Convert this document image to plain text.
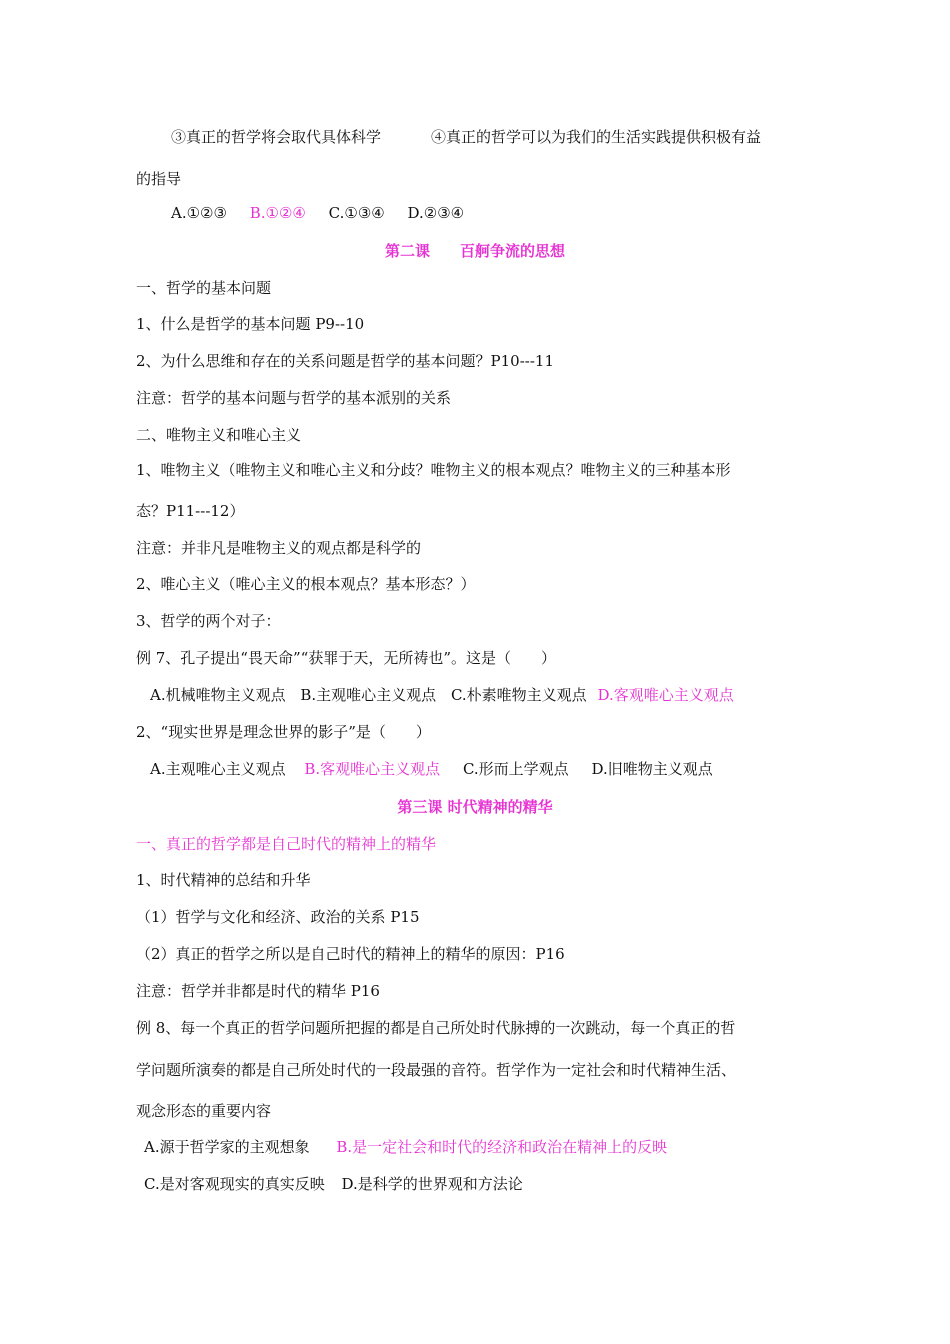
③真正的哲学将会取代具体科学	④真正的哲学可以为我们的生活实践提供积极有益
的指导
A.①②③ B.①②④ C.①③④ D.②③④
第二课　　百舸争流的思想
一、哲学的基本问题
1、什么是哲学的基本问题 P9--10
2、为什么思维和存在的关系问题是哲学的基本问题？P10---11
注意：哲学的基本问题与哲学的基本派别的关系
二、唯物主义和唯心主义
1、唯物主义（唯物主义和唯心主义和分歧？唯物主义的根本观点？唯物主义的三种基本形
态？P11---12）
注意：并非凡是唯物主义的观点都是科学的
2、唯心主义（唯心主义的根本观点？基本形态？）
3、哲学的两个对子：
例 7、孔子提出“畏天命”“获罪于天，无所祷也”。这是（　　）
A.机械唯物主义观点 B.主观唯心主义观点 C.朴素唯物主义观点 D.客观唯心主义观点
2、“现实世界是理念世界的影子”是（　　）
A.主观唯心主义观点 B.客观唯心主义观点 C.形而上学观点 D.旧唯物主义观点
第三课 时代精神的精华
一、真正的哲学都是自己时代的精神上的精华
1、时代精神的总结和升华
（1）哲学与文化和经济、政治的关系 P15
（2）真正的哲学之所以是自己时代的精神上的精华的原因：P16
注意：哲学并非都是时代的精华 P16
例 8、每一个真正的哲学问题所把握的都是自己所处时代脉搏的一次跳动，每一个真正的哲
学问题所演奏的都是自己所处时代的一段最强的音符。哲学作为一定社会和时代精神生活、
观念形态的重要内容
A.源于哲学家的主观想象 B.是一定社会和时代的经济和政治在精神上的反映
C.是对客观现实的真实反映 D.是科学的世界观和方法论
